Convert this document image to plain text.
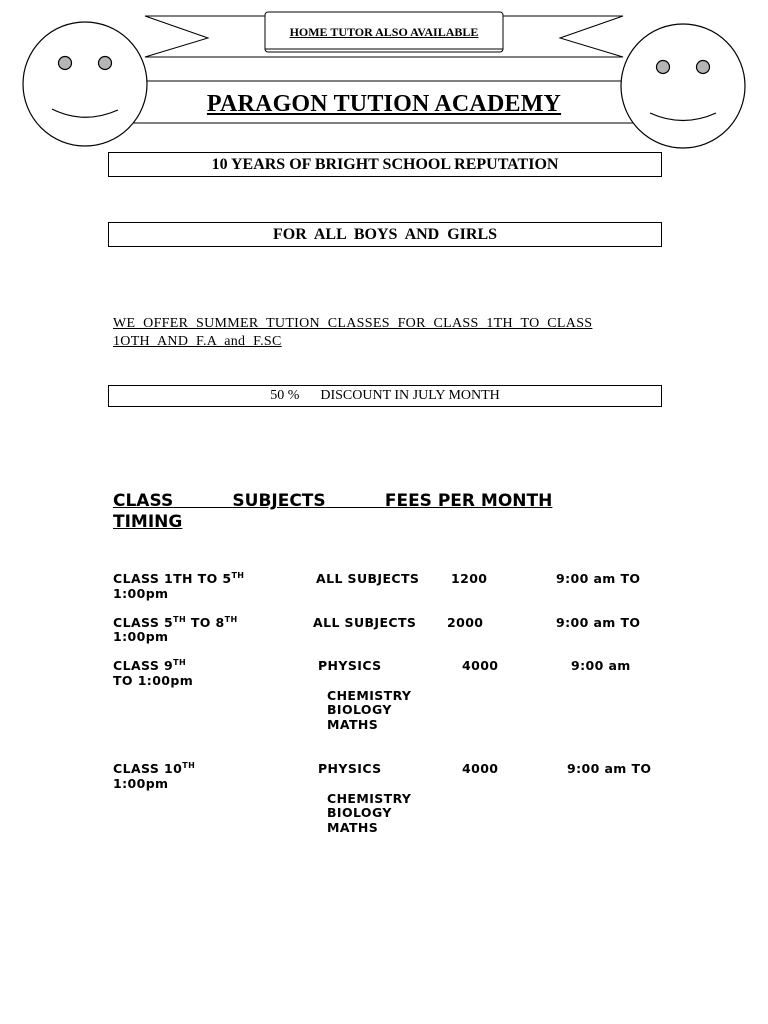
HOME TUTOR ALSO AVAILABLE
PARAGON TUTION ACADEMY
10 YEARS OF BRIGHT SCHOOL REPUTATION
FOR ALL BOYS AND GIRLS
WE OFFER SUMMER TUTION CLASSES FOR CLASS 1TH TO CLASS
1OTH AND F.A and F.SC
50 %
DISCOUNT IN JULY MONTH
CLASS	SUBJECTS	FEES PER MONTH
TIMING
CLASS 1TH TO 5TH	ALL SUBJECTS	1200	9:00 am TO
1:00pm
CLASS 5TH TO 8TH	ALL SUBJECTS 2000	9:00 am TO
1:00pm
CLASS 9TH	PHYSICS	4000	9:00 am
TO 1:00pm
CHEMISTRY
BIOLOGY
MATHS
CLASS 10TH	PHYSICS	4000	9:00 am TO
1:00pm
CHEMISTRY
BIOLOGY
MATHS
